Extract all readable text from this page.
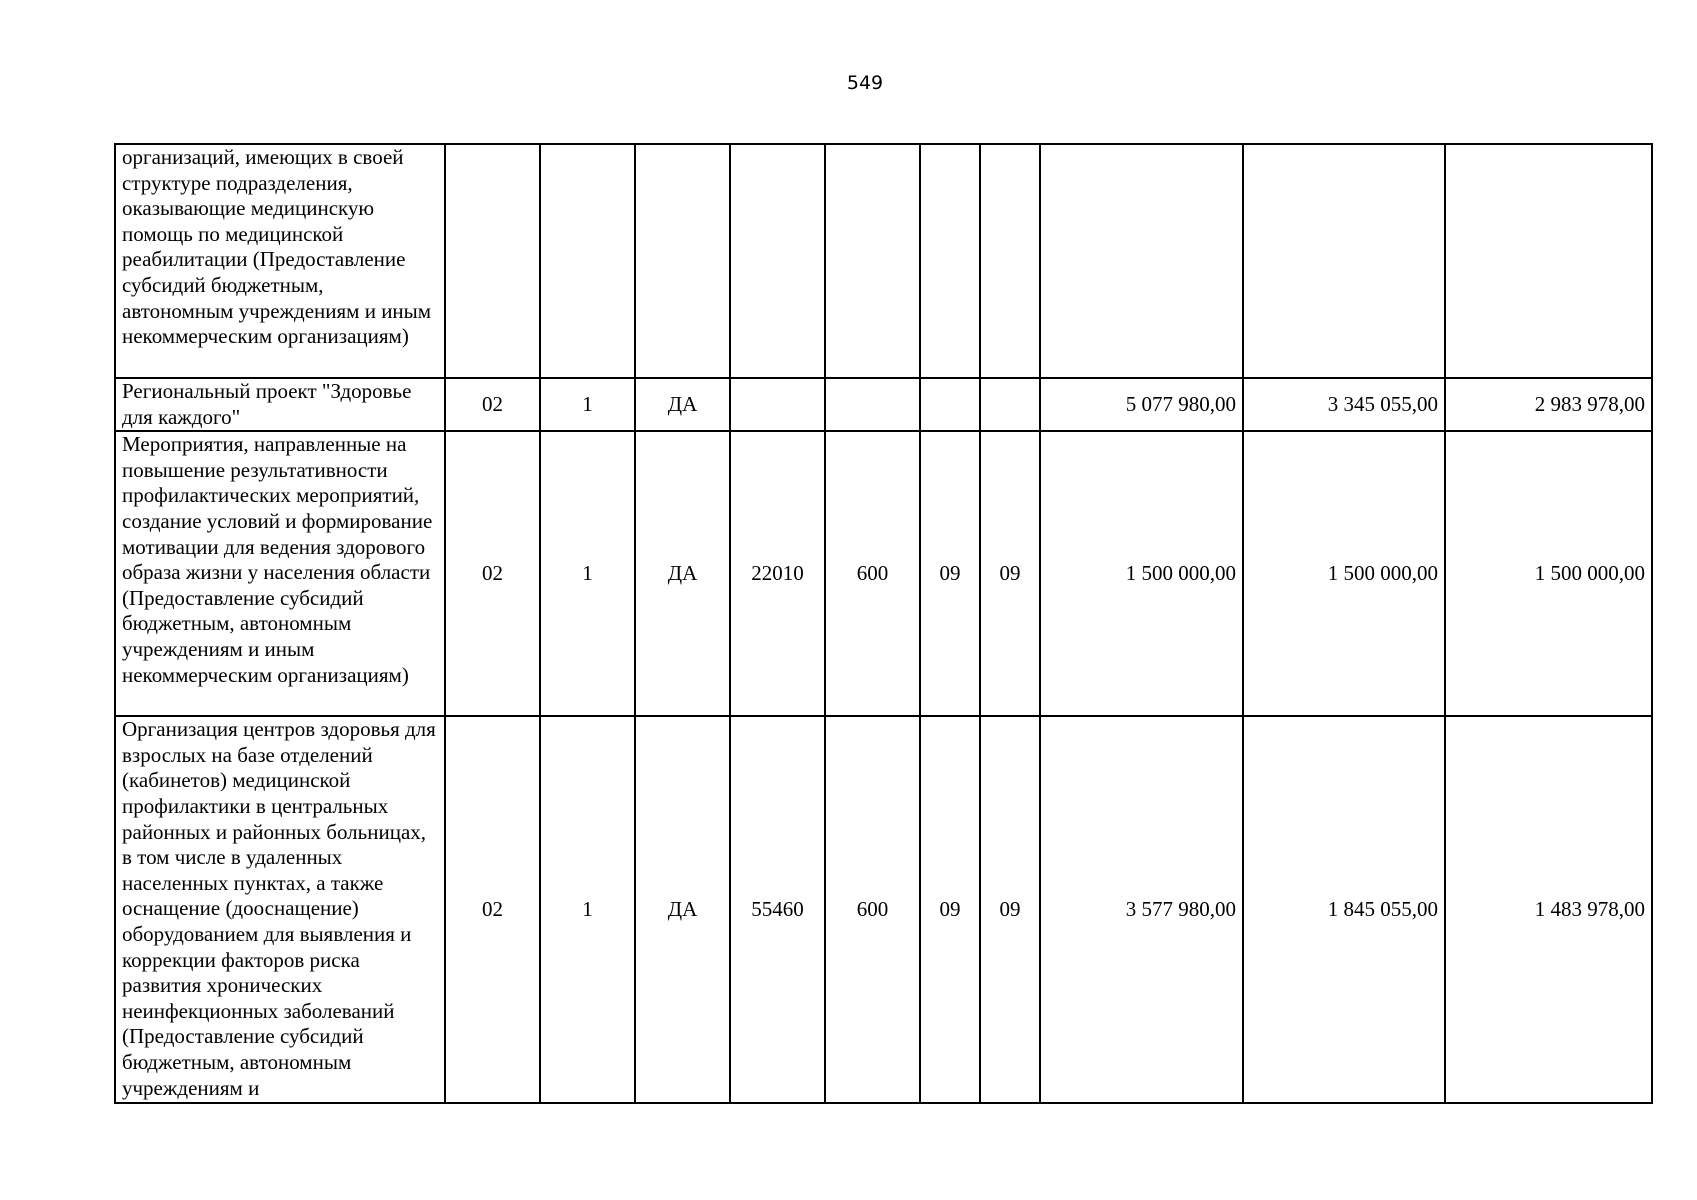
549
организаций, имеющих в своей структуре подразделения, оказывающие медицинскую помощь по медицинской реабилитации (Предоставление субсидий бюджетным, автономным учреждениям и иным некоммерческим организациям)										
Региональный проект "Здоровье для каждого"	02	1	ДА					5 077 980,00	3 345 055,00	2 983 978,00
Мероприятия, направленные на повышение результативности профилактических мероприятий, создание условий и формирование мотивации для ведения здорового образа жизни у населения области (Предоставление субсидий бюджетным, автономным учреждениям и иным некоммерческим организациям)	02	1	ДА	22010	600	09	09	1 500 000,00	1 500 000,00	1 500 000,00
Организация центров здоровья для взрослых на базе отделений (кабинетов) медицинской профилактики в центральных районных и районных больницах, в том числе в удаленных населенных пунктах, а также оснащение (дооснащение) оборудованием для выявления и коррекции факторов риска развития хронических неинфекционных заболеваний (Предоставление субсидий бюджетным, автономным учреждениям и	02	1	ДА	55460	600	09	09	3 577 980,00	1 845 055,00	1 483 978,00
